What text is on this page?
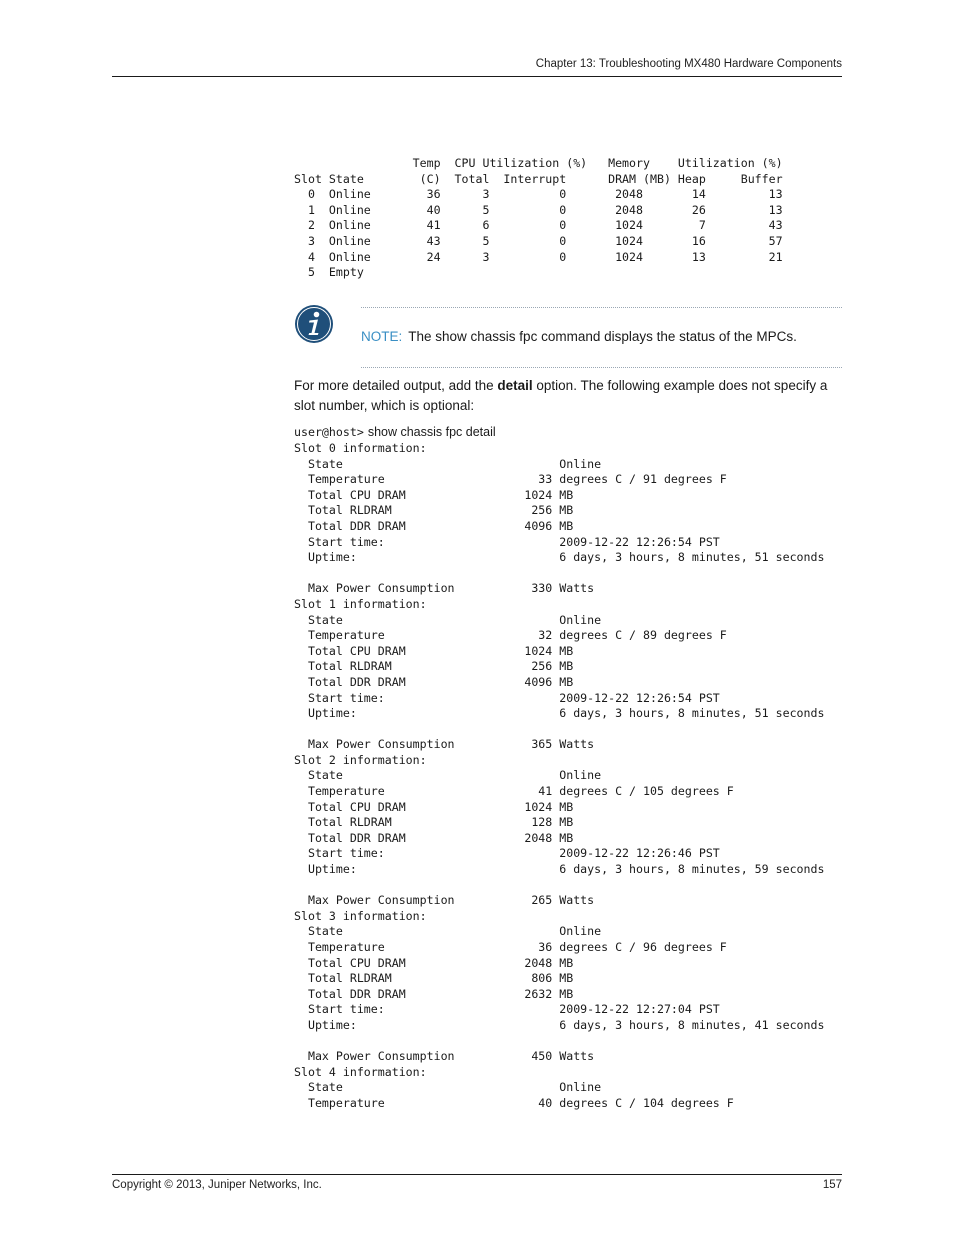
Chapter 13: Troubleshooting MX480 Hardware Components
Temp  CPU Utilization (%)   Memory    Utilization (%)
Slot State        (C)  Total  Interrupt      DRAM (MB) Heap     Buffer
0  Online        36      3          0       2048       14         13
1  Online        40      5          0       2048       26         13
2  Online        41      6          0       1024        7         43
3  Online        43      5          0       1024       16         57
4  Online        24      3          0       1024       13         21
5  Empty
NOTE: The show chassis fpc command displays the status of the MPCs.
For more detailed output, add the detail option. The following example does not specify a slot number, which is optional:
user@host> show chassis fpc detail
Slot 0 information:
State                               Online
Temperature                      33 degrees C / 91 degrees F
Total CPU DRAM                 1024 MB
Total RLDRAM                    256 MB
Total DDR DRAM                 4096 MB
Start time:                         2009-12-22 12:26:54 PST
Uptime:                             6 days, 3 hours, 8 minutes, 51 seconds

Max Power Consumption           330 Watts
Slot 1 information:
State                               Online
Temperature                      32 degrees C / 89 degrees F
Total CPU DRAM                 1024 MB
Total RLDRAM                    256 MB
Total DDR DRAM                 4096 MB
Start time:                         2009-12-22 12:26:54 PST
Uptime:                             6 days, 3 hours, 8 minutes, 51 seconds

Max Power Consumption           365 Watts
Slot 2 information:
State                               Online
Temperature                      41 degrees C / 105 degrees F
Total CPU DRAM                 1024 MB
Total RLDRAM                    128 MB
Total DDR DRAM                 2048 MB
Start time:                         2009-12-22 12:26:46 PST
Uptime:                             6 days, 3 hours, 8 minutes, 59 seconds

Max Power Consumption           265 Watts
Slot 3 information:
State                               Online
Temperature                      36 degrees C / 96 degrees F
Total CPU DRAM                 2048 MB
Total RLDRAM                    806 MB
Total DDR DRAM                 2632 MB
Start time:                         2009-12-22 12:27:04 PST
Uptime:                             6 days, 3 hours, 8 minutes, 41 seconds

Max Power Consumption           450 Watts
Slot 4 information:
State                               Online
Temperature                      40 degrees C / 104 degrees F
Copyright © 2013, Juniper Networks, Inc.	157
